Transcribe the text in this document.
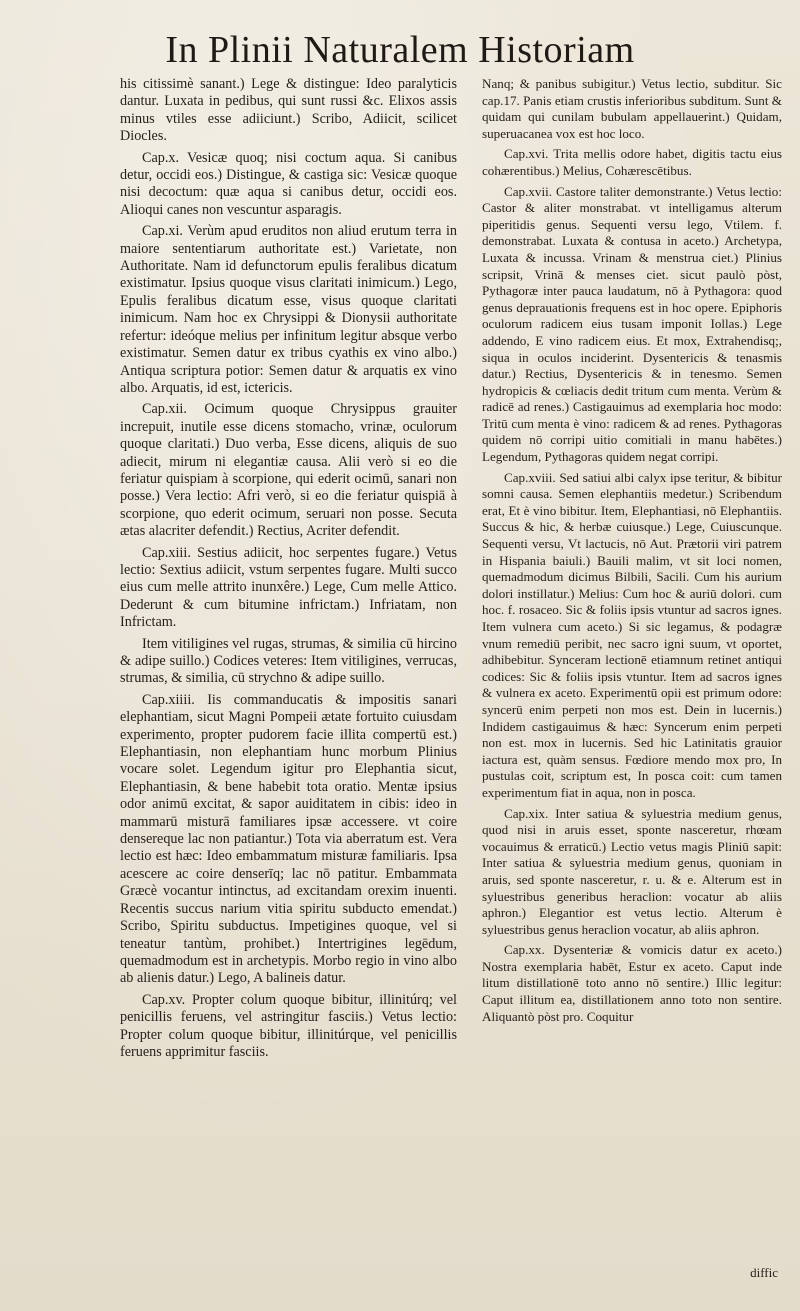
In Plinii Naturalem Historiam

his citissimè sanant.) Lege & distingue: Ideo paralyticis dantur. Luxata in pedibus, qui sunt russi &c. Elixos assis minus vtiles esse adiiciunt.) Scribo, Adiicit, scilicet Diocles.

Cap.x. Vesicæ quoq; nisi coctum aqua. Si canibus detur, occidi eos.) Distingue, & castiga sic: Vesicæ quoque nisi decoctum: quæ aqua si canibus detur, occidi eos. Alioqui canes non vescuntur asparagis.

Cap.xi. Verùm apud eruditos non aliud erutum terra in maiore sententiarum authoritate est.) Varietate, non Authoritate. Nam id defunctorum epulis feralibus dicatum existimatur. Ipsius quoque visus claritati inimicum.) Lego, Epulis feralibus dicatum esse, visus quoque claritati inimicum. Nam hoc ex Chrysippi & Dionysii authoritate refertur: ideóque melius per infinitum legitur absque verbo existimatur. Semen datur ex tribus cyathis ex vino albo.) Antiqua scriptura potior: Semen datur & arquatis ex vino albo. Arquatis, id est, ictericis.

Cap.xii. Ocimum quoque Chrysippus grauiter increpuit, inutile esse dicens stomacho, vrinæ, oculorum quoque claritati.) Duo verba, Esse dicens, aliquis de suo adiecit, mirum ni elegantiæ causa. Alii verò si eo die feriatur quispiam à scorpione, qui ederit ocimū, sanari non posse.) Vera lectio: Afri verò, si eo die feriatur quispiā à scorpione, quo ederit ocimum, seruari non posse. Secuta ætas alacriter defendit.) Rectius, Acriter defendit.

Cap.xiii. Sestius adiicit, hoc serpentes fugare.) Vetus lectio: Sextius adiicit, vstum serpentes fugare. Multi succo eius cum melle attrito inunxêre.) Lege, Cum melle Attico. Dederunt & cum bitumine infrictam.) Infriatam, non Infrictam.

Item vitiligines vel rugas, strumas, & similia cū hircino & adipe suillo.) Codices veteres: Item vitiligines, verrucas, strumas, & similia, cū strychno & adipe suillo.

Cap.xiiii. Iis commanducatis & impositis sanari elephantiam, sicut Magni Pompeii ætate fortuito cuiusdam experimento, propter pudorem facie illita compertū est.) Elephantiasin, non elephantiam hunc morbum Plinius vocare solet. Legendum igitur pro Elephantia sicut, Elephantiasin, & bene habebit tota oratio. Mentæ ipsius odor animū excitat, & sapor auiditatem in cibis: ideo in mammarū misturā familiares ipsæ accessere. vt coire densereque lac non patiantur.) Tota via aberratum est. Vera lectio est hæc: Ideo embammatum misturæ familiaris. Ipsa acescere ac coire denserīq; lac nō patitur. Embammata Græcè vocantur intinctus, ad excitandam orexim inuenti. Recentis succus narium vitia spiritu subducto emendat.) Scribo, Spiritu subductus. Impetigines quoque, vel si teneatur tantùm, prohibet.) Intertrigines legēdum, quemadmodum est in archetypis. Morbo regio in vino albo ab alienis datur.) Lego, A balineis datur.

Cap.xv. Propter colum quoque bibitur, illinitúrq; vel penicillis feruens, vel astringitur fasciis.) Vetus lectio: Propter colum quoque bibitur, illinitúrque, vel penicillis feruens apprimitur fasciis.

Nanq; & panibus subigitur.) Vetus lectio, subditur. Sic cap.17. Panis etiam crustis inferioribus subditum. Sunt & quidam qui cunilam bubulam appellauerint.) Quidam, superuacanea vox est hoc loco.

Cap.xvi. Trita mellis odore habet, digitis tactu eius cohærentibus.) Melius, Cohærescētibus.

Cap.xvii. Castore taliter demonstrante.) Vetus lectio: Castor & aliter monstrabat. vt intelligamus alterum piperitidis genus. Sequenti versu lego, Vtilem. f. demonstrabat. Luxata & contusa in aceto.) Archetypa, Luxata & incussa. Vrinam & menstrua ciet.) Plinius scripsit, Vrinā & menses ciet. sicut paulò pòst, Pythagoræ inter pauca laudatum, nō à Pythagora: quod genus deprauationis frequens est in hoc opere. Epiphoris oculorum radicem eius tusam imponit Iollas.) Lege addendo, E vino radicem eius. Et mox, Extrahendisq;, siqua in oculos inciderint. Dysentericis & tenasmis datur.) Rectius, Dysentericis & in tenesmo. Semen hydropicis & cœliacis dedit tritum cum menta. Verùm & radicē ad renes.) Castigauimus ad exemplaria hoc modo: Tritū cum menta è vino: radicem & ad renes. Pythagoras quidem nō corripi uitio comitiali in manu habētes.) Legendum, Pythagoras quidem negat corripi.

Cap.xviii. Sed satiui albi calyx ipse teritur, & bibitur somni causa. Semen elephantiis medetur.) Scribendum erat, Et è vino bibitur. Item, Elephantiasi, nō Elephantiis. Succus & hic, & herbæ cuiusque.) Lege, Cuiuscunque. Sequenti versu, Vt lactucis, nō Aut. Prætorii viri patrem in Hispania baiuli.) Bauili malim, vt sit loci nomen, quemadmodum dicimus Bilbili, Sacili. Cum his aurium dolori instillatur.) Melius: Cum hoc & auriū dolori. cum hoc. f. rosaceo. Sic & foliis ipsis vtuntur ad sacros ignes. Item vulnera cum aceto.) Si sic legamus, & podagræ vnum remediū peribit, nec sacro igni suum, vt oportet, adhibebitur. Synceram lectionē etiamnum retinet antiqui codices: Sic & foliis ipsis vtuntur. Item ad sacros ignes & vulnera ex aceto. Experimentū opii est primum odore: syncerū enim perpeti non mos est. Dein in lucernis.) Indidem castigauimus & hæc: Syncerum enim perpeti non est. mox in lucernis. Sed hic Latinitatis grauior iactura est, quàm sensus. Fœdiore mendo mox pro, In pustulas coit, scriptum est, In posca coit: cum tamen experimentum fiat in aqua, non in posca.

Cap.xix. Inter satiua & syluestria medium genus, quod nisi in aruis esset, sponte nasceretur, rhœam vocauimus & erraticū.) Lectio vetus magis Pliniū sapit: Inter satiua & syluestria medium genus, quoniam in aruis, sed sponte nasceretur, r. u. & e. Alterum est in syluestribus generibus heraclion: vocatur ab aliis aphron.) Elegantior est vetus lectio. Alterum è syluestribus genus heraclion vocatur, ab aliis aphron.

Cap.xx. Dysenteriæ & vomicis datur ex aceto.) Nostra exemplaria habēt, Estur ex aceto. Caput inde litum distillationē toto anno nō sentire.) Illic legitur: Caput illitum ea, distillationem anno toto non sentire. Aliquantò pòst pro. Coquitur

diffic
